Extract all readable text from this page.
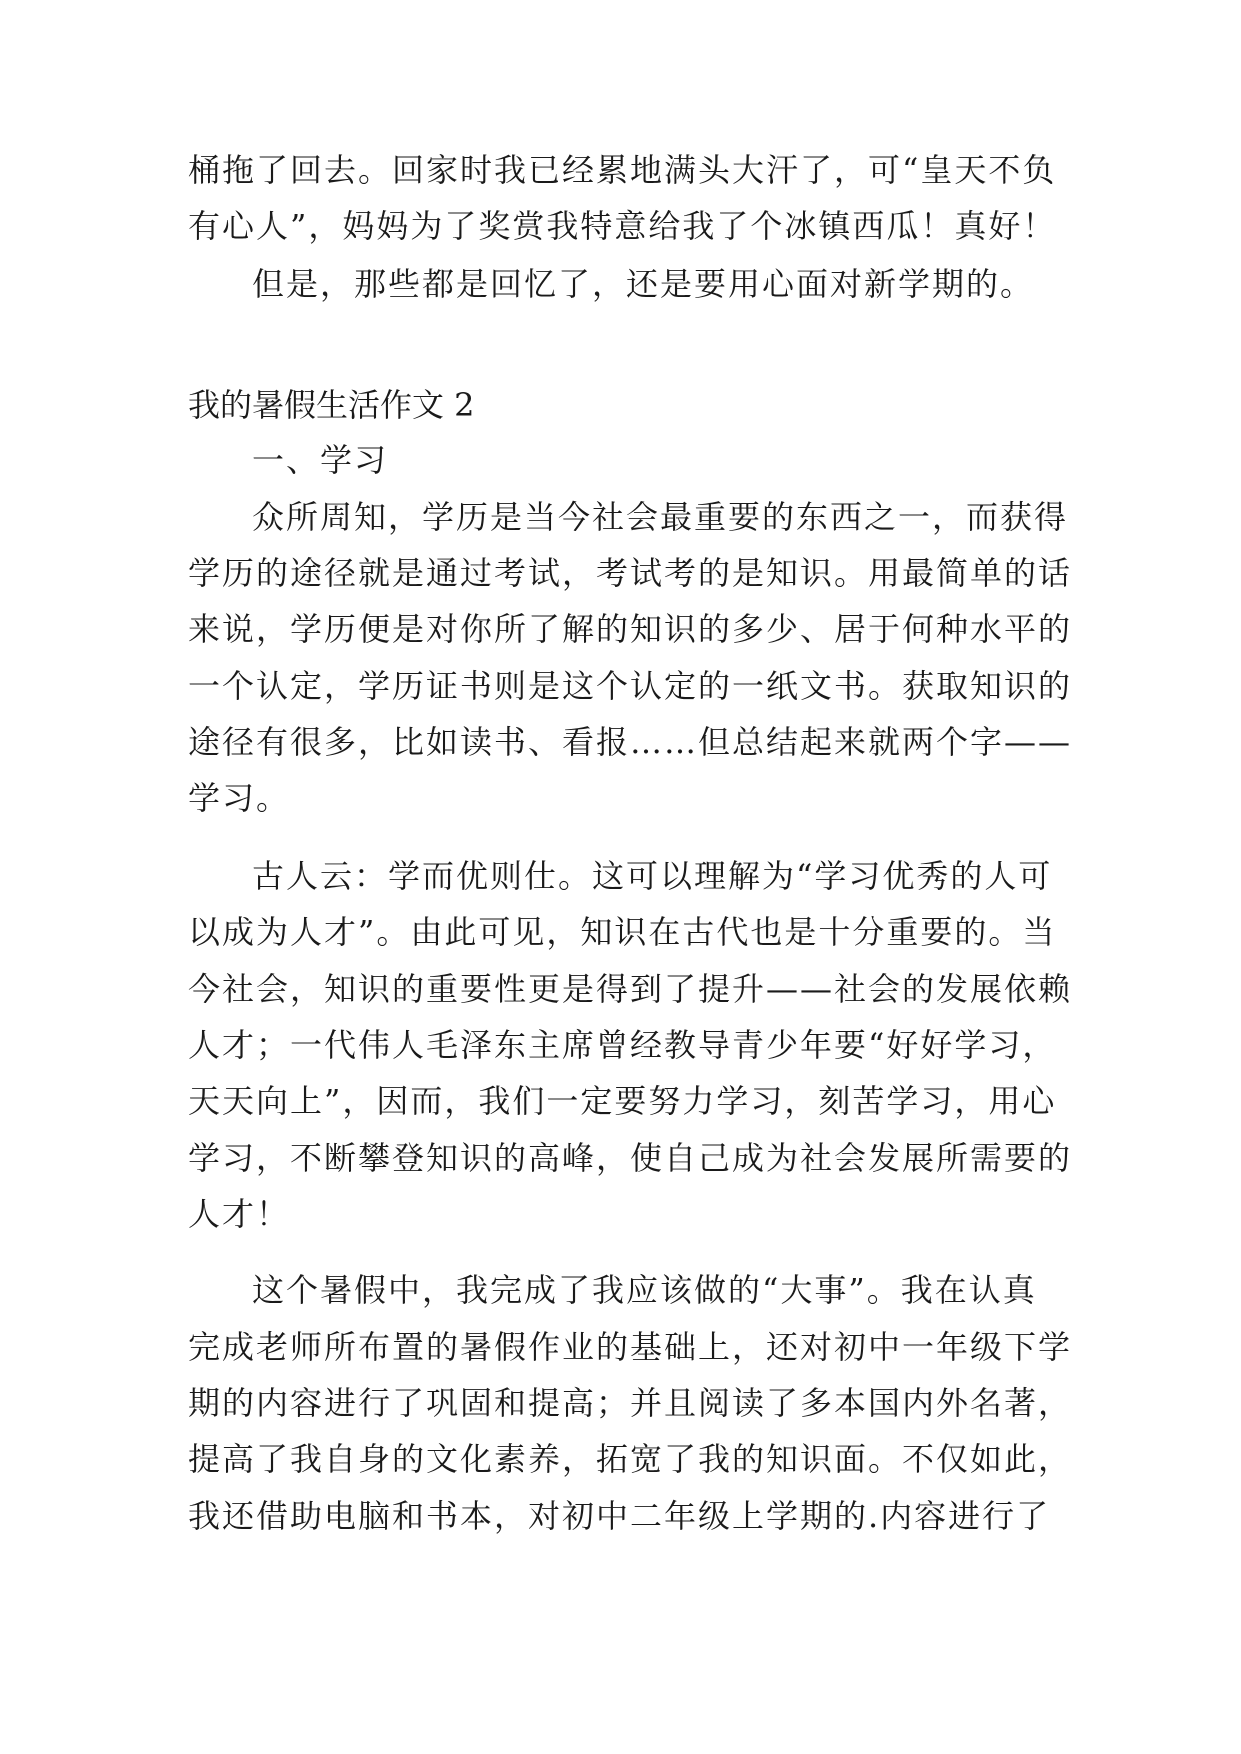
桶拖了回去。回家时我已经累地满头大汗了，可“皇天不负
有心人”，妈妈为了奖赏我特意给我了个冰镇西瓜！真好！
但是，那些都是回忆了，还是要用心面对新学期的。
我的暑假生活作文 2
一、学习
众所周知，学历是当今社会最重要的东西之一，而获得
学历的途径就是通过考试，考试考的是知识。用最简单的话
来说，学历便是对你所了解的知识的多少、居于何种水平的
一个认定，学历证书则是这个认定的一纸文书。获取知识的
途径有很多，比如读书、看报……但总结起来就两个字——
学习。
古人云：学而优则仕。这可以理解为“学习优秀的人可
以成为人才”。由此可见，知识在古代也是十分重要的。当
今社会，知识的重要性更是得到了提升——社会的发展依赖
人才；一代伟人毛泽东主席曾经教导青少年要“好好学习，
天天向上”，因而，我们一定要努力学习，刻苦学习，用心
学习，不断攀登知识的高峰，使自己成为社会发展所需要的
人才！
这个暑假中，我完成了我应该做的“大事”。我在认真
完成老师所布置的暑假作业的基础上，还对初中一年级下学
期的内容进行了巩固和提高；并且阅读了多本国内外名著，
提高了我自身的文化素养，拓宽了我的知识面。不仅如此，
我还借助电脑和书本，对初中二年级上学期的.内容进行了
